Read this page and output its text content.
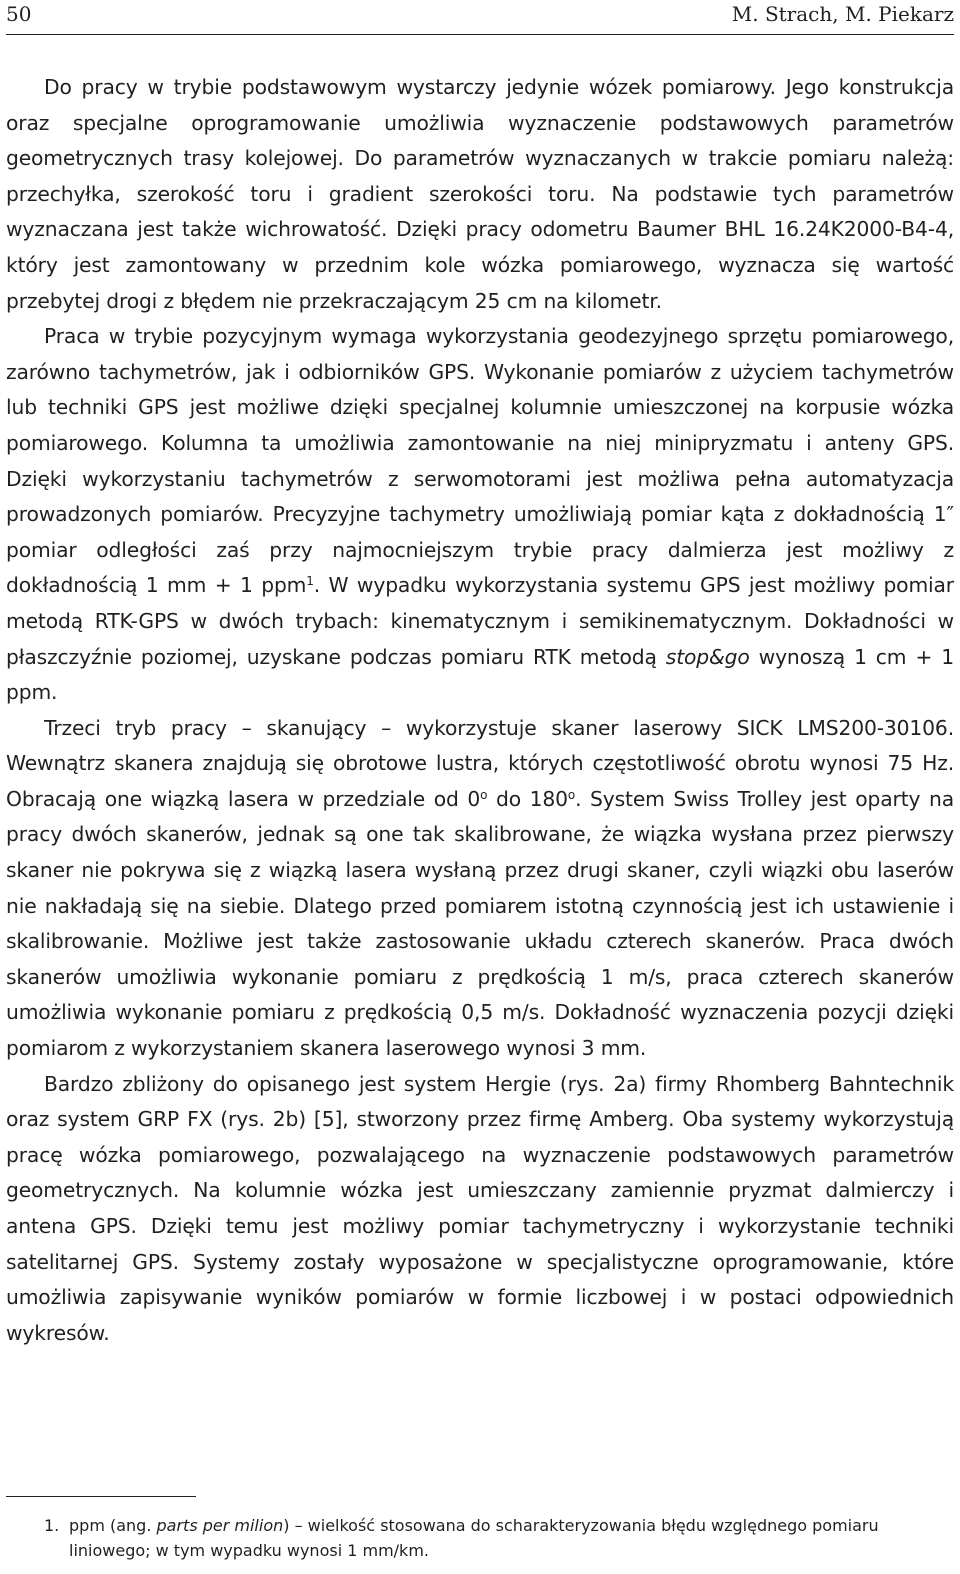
50	M. Strach, M. Piekarz

Do pracy w trybie podstawowym wystarczy jedynie wózek pomiarowy. Jego konstrukcja oraz specjalne oprogramowanie umożliwia wyznaczenie podstawowych parametrów geometrycznych trasy kolejowej. Do parametrów wyznaczanych w trakcie pomiaru należą: przechyłka, szerokość toru i gradient szerokości toru. Na podstawie tych parametrów wyznaczana jest także wichrowatość. Dzięki pracy odometru Baumer BHL 16.24K2000-B4-4, który jest zamontowany w przednim kole wózka pomiarowego, wyznacza się wartość przebytej drogi z błędem nie przekraczającym 25 cm na kilometr.

Praca w trybie pozycyjnym wymaga wykorzystania geodezyjnego sprzętu pomiarowego, zarówno tachymetrów, jak i odbiorników GPS. Wykonanie pomiarów z użyciem tachymetrów lub techniki GPS jest możliwe dzięki specjalnej kolumnie umieszczonej na korpusie wózka pomiarowego. Kolumna ta umożliwia zamontowanie na niej minipryzmatu i anteny GPS. Dzięki wykorzystaniu tachymetrów z serwomotorami jest możliwa pełna automatyzacja prowadzonych pomiarów. Precyzyjne tachymetry umożliwiają pomiar kąta z dokładnością 1″ pomiar odległości zaś przy najmocniejszym trybie pracy dalmierza jest możliwy z dokładnością 1 mm + 1 ppm$^1$. W wypadku wykorzystania systemu GPS jest możliwy pomiar metodą RTK-GPS w dwóch trybach: kinematycznym i semikinematycznym. Dokładności w płaszczyźnie poziomej, uzyskane podczas pomiaru RTK metodą stop&go wynoszą 1 cm + 1 ppm.

Trzeci tryb pracy – skanujący – wykorzystuje skaner laserowy SICK LMS200-30106. Wewnątrz skanera znajdują się obrotowe lustra, których częstotliwość obrotu wynosi 75 Hz. Obracają one wiązką lasera w przedziale od 0$^o$ do 180$^o$. System Swiss Trolley jest oparty na pracy dwóch skanerów, jednak są one tak skalibrowane, że wiązka wysłana przez pierwszy skaner nie pokrywa się z wiązką lasera wysłaną przez drugi skaner, czyli wiązki obu laserów nie nakładają się na siebie. Dlatego przed pomiarem istotną czynnością jest ich ustawienie i skalibrowanie. Możliwe jest także zastosowanie układu czterech skanerów. Praca dwóch skanerów umożliwia wykonanie pomiaru z prędkością 1 m/s, praca czterech skanerów umożliwia wykonanie pomiaru z prędkością 0,5 m/s. Dokładność wyznaczenia pozycji dzięki pomiarom z wykorzystaniem skanera laserowego wynosi 3 mm.

Bardzo zbliżony do opisanego jest system Hergie (rys. 2a) firmy Rhomberg Bahntechnik oraz system GRP FX (rys. 2b) [5], stworzony przez firmę Amberg. Oba systemy wykorzystują pracę wózka pomiarowego, pozwalającego na wyznaczenie podstawowych parametrów geometrycznych. Na kolumnie wózka jest umieszczany zamiennie pryzmat dalmierczy i antena GPS. Dzięki temu jest możliwy pomiar tachymetryczny i wykorzystanie techniki satelitarnej GPS. Systemy zostały wyposażone w specjalistyczne oprogramowanie, które umożliwia zapisywanie wyników pomiarów w formie liczbowej i w postaci odpowiednich wykresów.

1. ppm (ang. parts per milion) – wielkość stosowana do scharakteryzowania błędu względnego pomiaru liniowego; w tym wypadku wynosi 1 mm/km.
